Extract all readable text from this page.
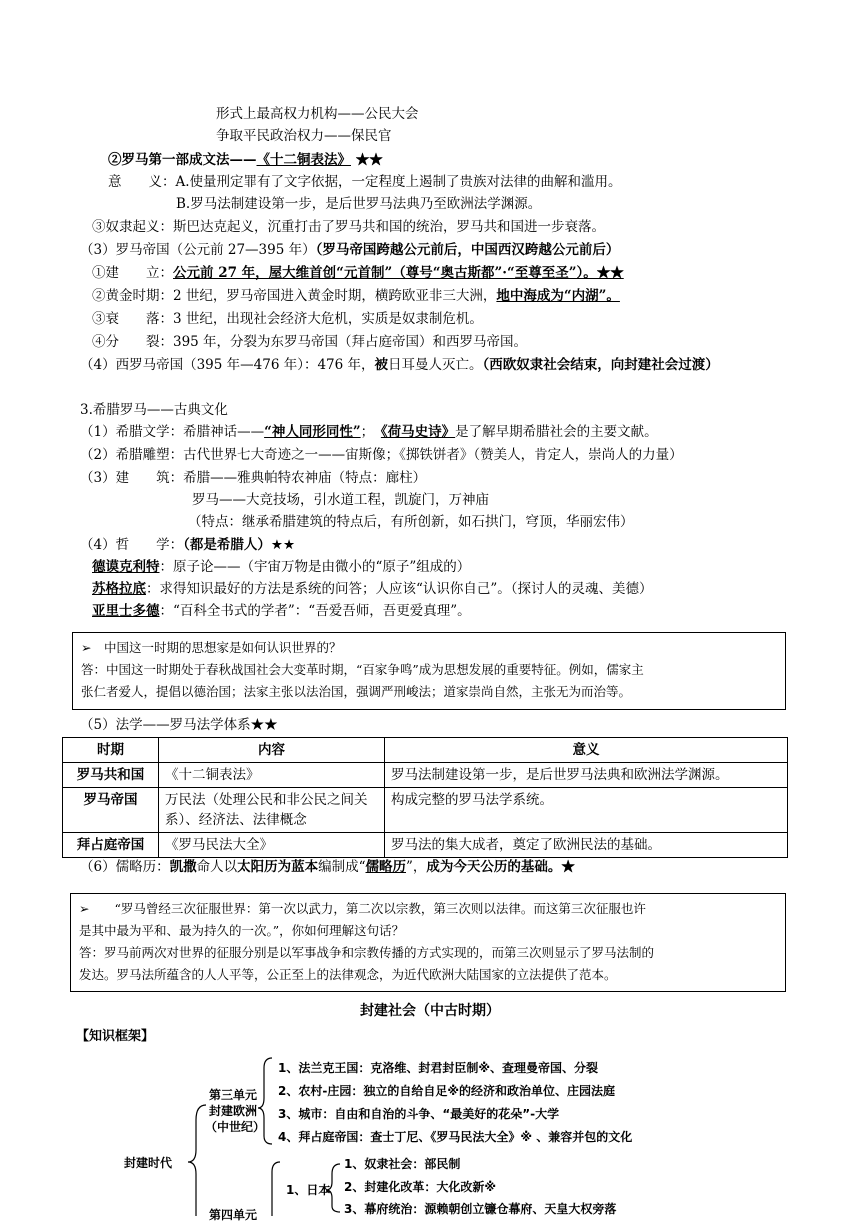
形式上最高权力机构——公民大会
争取平民政治权力——保民官
②罗马第一部成文法——《十二铜表法》 ★★
意　　义：A.使量刑定罪有了文字依据，一定程度上遏制了贵族对法律的曲解和滥用。
B.罗马法制建设第一步，是后世罗马法典乃至欧洲法学渊源。
③奴隶起义：斯巴达克起义，沉重打击了罗马共和国的统治，罗马共和国进一步衰落。
（3）罗马帝国（公元前 27—395 年）（罗马帝国跨越公元前后，中国西汉跨越公元前后）
①建　　立：公元前 27 年，屋大维首创“元首制”（尊号“奥古斯都”·“至尊至圣”）。★★
②黄金时期：2 世纪，罗马帝国进入黄金时期，横跨欧亚非三大洲，地中海成为“内湖”。
③衰　　落：3 世纪，出现社会经济大危机，实质是奴隶制危机。
④分　　裂：395 年，分裂为东罗马帝国（拜占庭帝国）和西罗马帝国。
（4）西罗马帝国（395 年—476 年）：476 年，被日耳曼人灭亡。（西欧奴隶社会结束，向封建社会过渡）
3.希腊罗马——古典文化
（1）希腊文学：希腊神话——“神人同形同性”；　《荷马史诗》是了解早期希腊社会的主要文献。
（2）希腊雕塑：古代世界七大奇迹之一——宙斯像；《掷铁饼者》（赞美人，肯定人，崇尚人的力量）
（3）建　　筑：希腊——雅典帕特农神庙（特点：廊柱）
罗马——大竞技场，引水道工程，凯旋门，万神庙
（特点：继承希腊建筑的特点后，有所创新，如石拱门，穹顶，华丽宏伟）
（4）哲　　学：（都是希腊人）★★
德谟克利特：原子论——（宇宙万物是由微小的“原子”组成的）
苏格拉底：求得知识最好的方法是系统的问答；人应该“认识你自己”。（探讨人的灵魂、美德）
亚里士多德：“百科全书式的学者”：“吾爱吾师，吾更爱真理”。

➢　中国这一时期的思想家是如何认识世界的？

答：中国这一时期处于春秋战国社会大变革时期，“百家争鸣”成为思想发展的重要特征。例如，儒家主

张仁者爱人，提倡以德治国；法家主张以法治国，强调严刑峻法；道家崇尚自然，主张无为而治等。

（5）法学——罗马法学体系★★
时期	内容	意义
罗马共和国	《十二铜表法》	罗马法制建设第一步，是后世罗马法典和欧洲法学渊源。
罗马帝国	万民法（处理公民和非公民之间关系）、经济法、法律概念	构成完整的罗马法学系统。
拜占庭帝国	《罗马民法大全》	罗马法的集大成者，奠定了欧洲民法的基础。
（6）儒略历：凯撒命人以太阳历为蓝本编制成“儒略历”，成为今天公历的基础。★

➢　　“罗马曾经三次征服世界：第一次以武力，第二次以宗教，第三次则以法律。而这第三次征服也许

是其中最为平和、最为持久的一次。”，你如何理解这句话？

答：罗马前两次对世界的征服分别是以军事战争和宗教传播的方式实现的，而第三次则显示了罗马法制的

发达。罗马法所蕴含的人人平等，公正至上的法律观念，为近代欧洲大陆国家的立法提供了范本。

封建社会（中古时期）
【知识框架】
封建时代
第三单元
封建欧洲
（中世纪）
1、法兰克王国：克洛维、封君封臣制※、查理曼帝国、分裂
2、农村-庄园：独立的自给自足※的经济和政治单位、庄园法庭
3、城市：自由和自治的斗争、“最美好的花朵”-大学
4、拜占庭帝国：查士丁尼、《罗马民法大全》※ 、兼容并包的文化
第四单元
1、日本
1、奴隶社会：部民制
2、封建化改革：大化改新※
3、幕府统治：源赖朝创立镰仓幕府、天皇大权旁落
